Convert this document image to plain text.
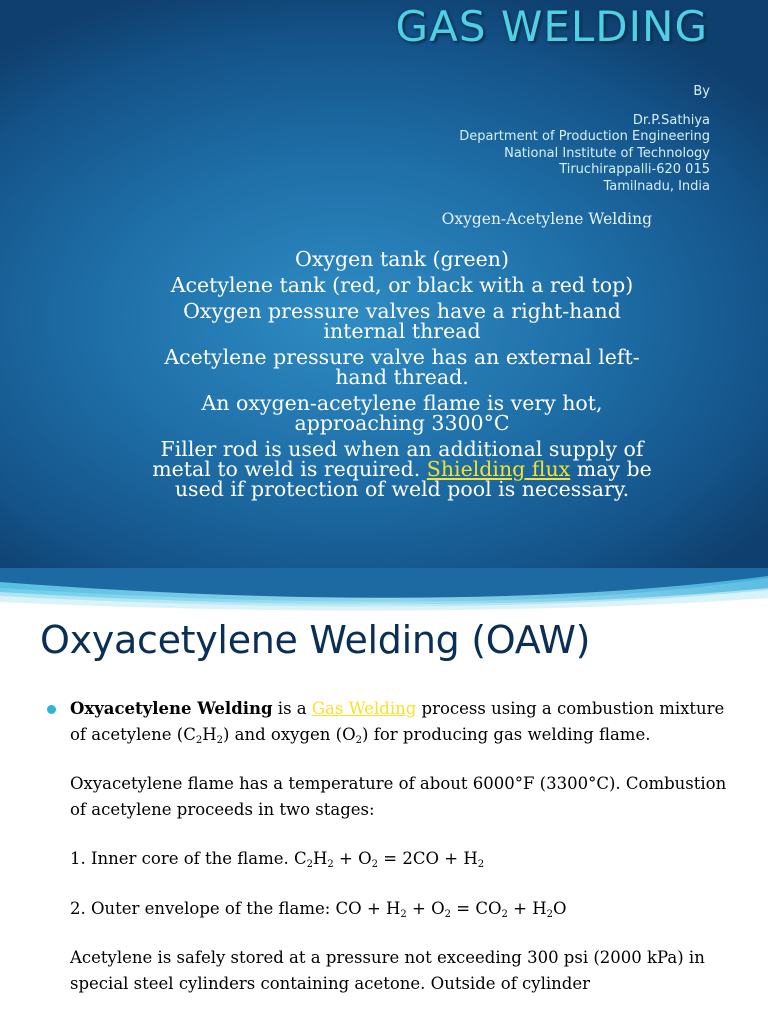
GAS WELDING
By
Dr.P.Sathiya
Department of Production Engineering
National Institute of Technology
Tiruchirappalli-620 015
Tamilnadu, India
Oxygen-Acetylene Welding

Oxygen tank (green)

Acetylene tank (red, or black with a red top)

Oxygen pressure valves have a right-hand internal thread

Acetylene pressure valve has an external left-hand thread.

An oxygen-acetylene flame is very hot, approaching 3300°C

Filler rod is used when an additional supply of metal to weld is required. Shielding flux may be used if protection of weld pool is necessary.

Oxyacetylene Welding (OAW)

Oxyacetylene Welding is a Gas Welding process using a combustion mixture of acetylene $(C_2H_2)$ and oxygen $(O_2)$ for producing gas welding flame.

Oxyacetylene flame has a temperature of about 6000°F (3300°C). Combustion of acetylene proceeds in two stages:

1. Inner core of the flame. $C_2H_2 + O_2 = 2CO + H_2$

2. Outer envelope of the flame: CO + $H_2 + O_2 = CO_2 + H_2O$

Acetylene is safely stored at a pressure not exceeding 300 psi (2000 kPa) in special steel cylinders containing acetone. Outside of cylinder
